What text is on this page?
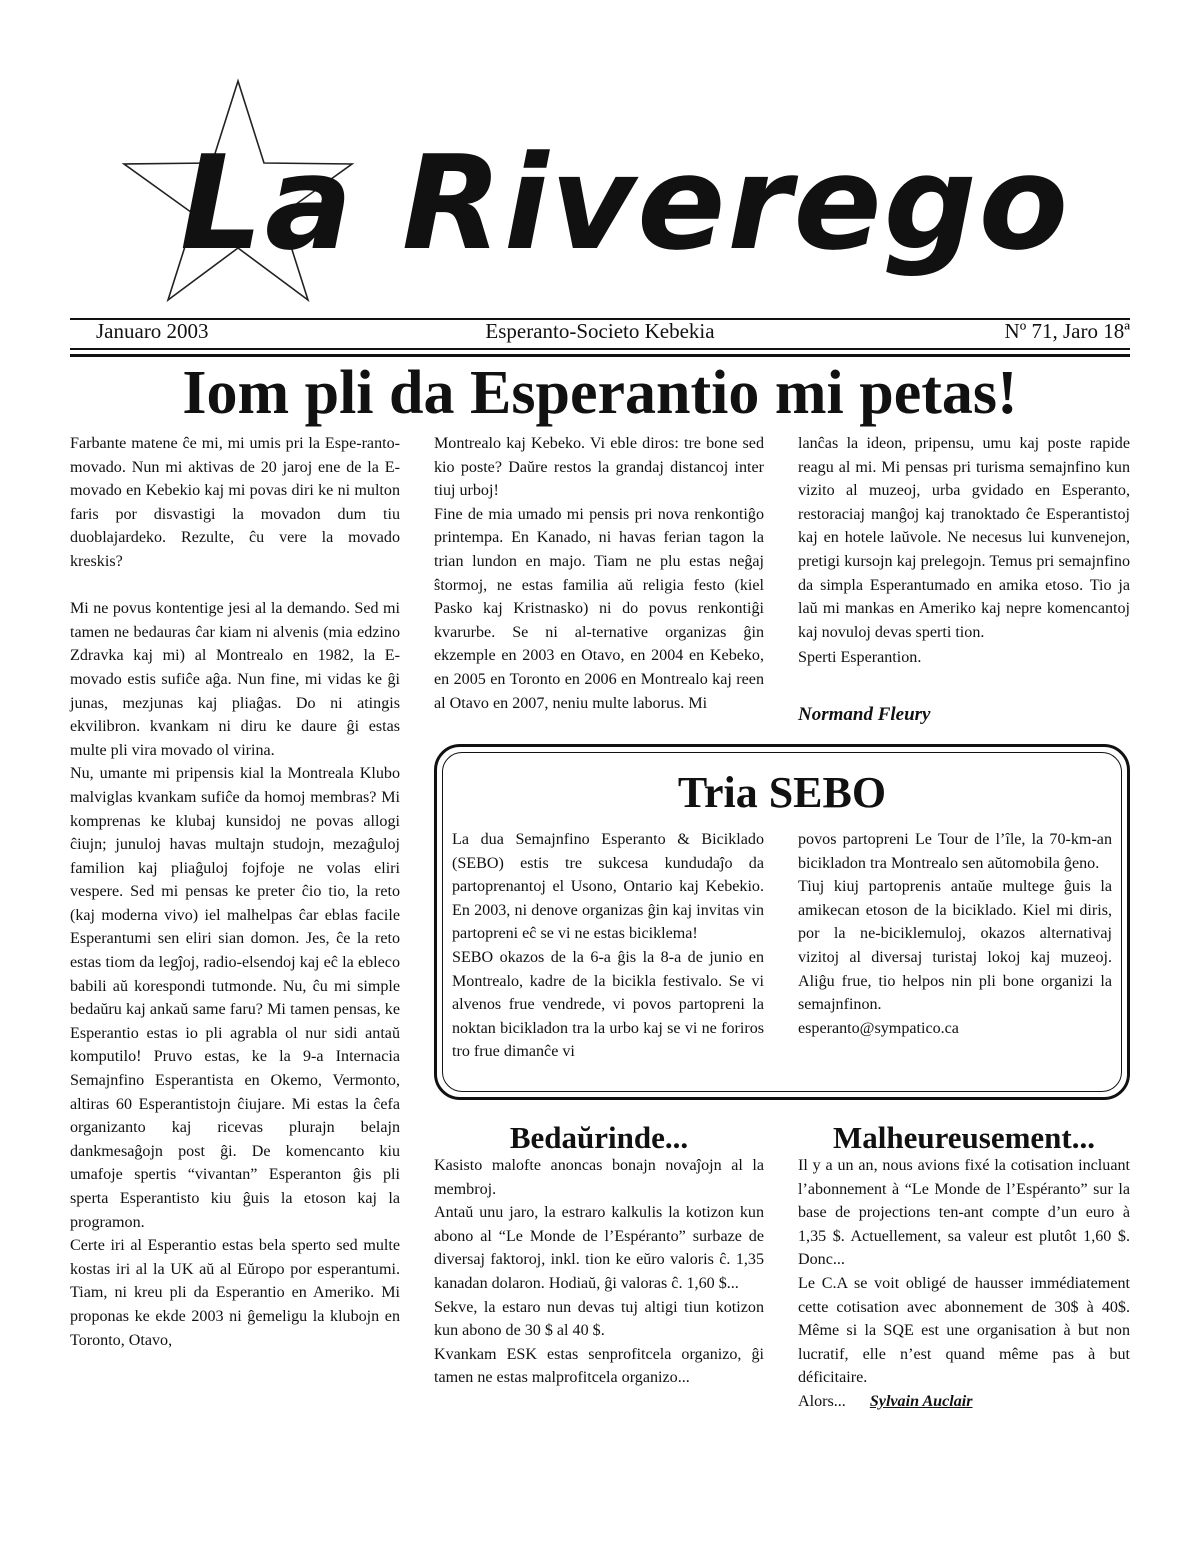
La Riverego
Januaro 2003	Esperanto-Societo Kebekia	Nº 71, Jaro 18ª
Iom pli da Esperantio mi petas!

Farbante matene ĉe mi, mi umis pri la Espe-ranto-movado. Nun mi aktivas de 20 jaroj ene de la E-movado en Kebekio kaj mi povas diri ke ni multon faris por disvastigi la movadon dum tiu duoblajardeko. Rezulte, ĉu vere la movado kreskis?

Mi ne povus kontentige jesi al la demando. Sed mi tamen ne bedauras ĉar kiam ni alvenis (mia edzino Zdravka kaj mi) al Montrealo en 1982, la E-movado estis sufiĉe aĝa. Nun fine, mi vidas ke ĝi junas, mezjunas kaj pliaĝas. Do ni atingis ekvilibron. kvankam ni diru ke daure ĝi estas multe pli vira movado ol virina.

Nu, umante mi pripensis kial la Montreala Klubo malviglas kvankam sufiĉe da homoj membras? Mi komprenas ke klubaj kunsidoj ne povas allogi ĉiujn; junuloj havas multajn studojn, mezaĝuloj familion kaj pliaĝuloj fojfoje ne volas eliri vespere. Sed mi pensas ke preter ĉio tio, la reto (kaj moderna vivo) iel malhelpas ĉar eblas facile Esperantumi sen eliri sian domon. Jes, ĉe la reto estas tiom da legĵoj, radio-elsendoj kaj eĉ la ebleco babili aŭ korespondi tutmonde. Nu, ĉu mi simple bedaŭru kaj ankaŭ same faru? Mi tamen pensas, ke Esperantio estas io pli agrabla ol nur sidi antaŭ komputilo! Pruvo estas, ke la 9-a Internacia Semajnfino Esperantista en Okemo, Vermonto, altiras 60 Esperantistojn ĉiujare. Mi estas la ĉefa organizanto kaj ricevas plurajn belajn dankmesaĝojn post ĝi. De komencanto kiu umafoje spertis “vivantan” Esperanton ĝis pli sperta Esperantisto kiu ĝuis la etoson kaj la programon.

Certe iri al Esperantio estas bela sperto sed multe kostas iri al la UK aŭ al Eŭropo por esperantumi. Tiam, ni kreu pli da Esperantio en Ameriko. Mi proponas ke ekde 2003 ni ĝemeligu la klubojn en Toronto, Otavo,

Montrealo kaj Kebeko. Vi eble diros: tre bone sed kio poste? Daŭre restos la grandaj distancoj inter tiuj urboj!

Fine de mia umado mi pensis pri nova renkontiĝo printempa. En Kanado, ni havas ferian tagon la trian lundon en majo. Tiam ne plu estas neĝaj ŝtormoj, ne estas familia aŭ religia festo (kiel Pasko kaj Kristnasko) ni do povus renkontiĝi kvarurbe. Se ni al-ternative organizas ĝin ekzemple en 2003 en Otavo, en 2004 en Kebeko, en 2005 en Toronto en 2006 en Montrealo kaj reen al Otavo en 2007, neniu multe laborus. Mi

lanĉas la ideon, pripensu, umu kaj poste rapide reagu al mi. Mi pensas pri turisma semajnfino kun vizito al muzeoj, urba gvidado en Esperanto, restoraciaj manĝoj kaj tranoktado ĉe Esperantistoj kaj en hotele laŭvole. Ne necesus lui kunvenejon, pretigi kursojn kaj prelegojn. Temus pri semajnfino da simpla Esperantumado en amika etoso. Tio ja laŭ mi mankas en Ameriko kaj nepre komencantoj kaj novuloj devas sperti tion.

Sperti Esperantion.

Normand Fleury
Tria SEBO

La dua Semajnfino Esperanto & Biciklado (SEBO) estis tre sukcesa kundudaĵo da partoprenantoj el Usono, Ontario kaj Kebekio. En 2003, ni denove organizas ĝin kaj invitas vin partopreni eĉ se vi ne estas biciklema!

SEBO okazos de la 6-a ĝis la 8-a de junio en Montrealo, kadre de la bicikla festivalo. Se vi alvenos frue vendrede, vi povos partopreni la noktan bicikladon tra la urbo kaj se vi ne foriros tro frue dimanĉe vi

povos partopreni Le Tour de l’île, la 70-km-an bicikladon tra Montrealo sen aŭtomobila ĝeno.

Tiuj kiuj partoprenis antaŭe multege ĝuis la amikecan etoson de la biciklado. Kiel mi diris, por la ne-biciklemuloj, okazos alternativaj vizitoj al diversaj turistaj lokoj kaj muzeoj. Aliĝu frue, tio helpos nin pli bone organizi la semajnfinon.

esperanto@sympatico.ca

Bedaŭrinde...

Kasisto malofte anoncas bonajn novaĵojn al la membroj.

Antaŭ unu jaro, la estraro kalkulis la kotizon kun abono al “Le Monde de l’Espéranto” surbaze de diversaj faktoroj, inkl. tion ke eŭro valoris ĉ. 1,35 kanadan dolaron. Hodiaŭ, ĝi valoras ĉ. 1,60 $...

Sekve, la estaro nun devas tuj altigi tiun kotizon kun abono de 30 $ al 40 $.

Kvankam ESK estas senprofitcela organizo, ĝi tamen ne estas malprofitcela organizo...

Malheureusement...

Il y a un an, nous avions fixé la cotisation incluant l’abonnement à “Le Monde de l’Espéranto” sur la base de projections ten-ant compte d’un euro à 1,35 $. Actuellement, sa valeur est plutôt 1,60 $. Donc...

Le C.A se voit obligé de hausser immédiatement cette cotisation avec abonnement de 30$ à 40$. Même si la SQE est une organisation à but non lucratif, elle n’est quand même pas à but déficitaire.

Alors... Sylvain Auclair
